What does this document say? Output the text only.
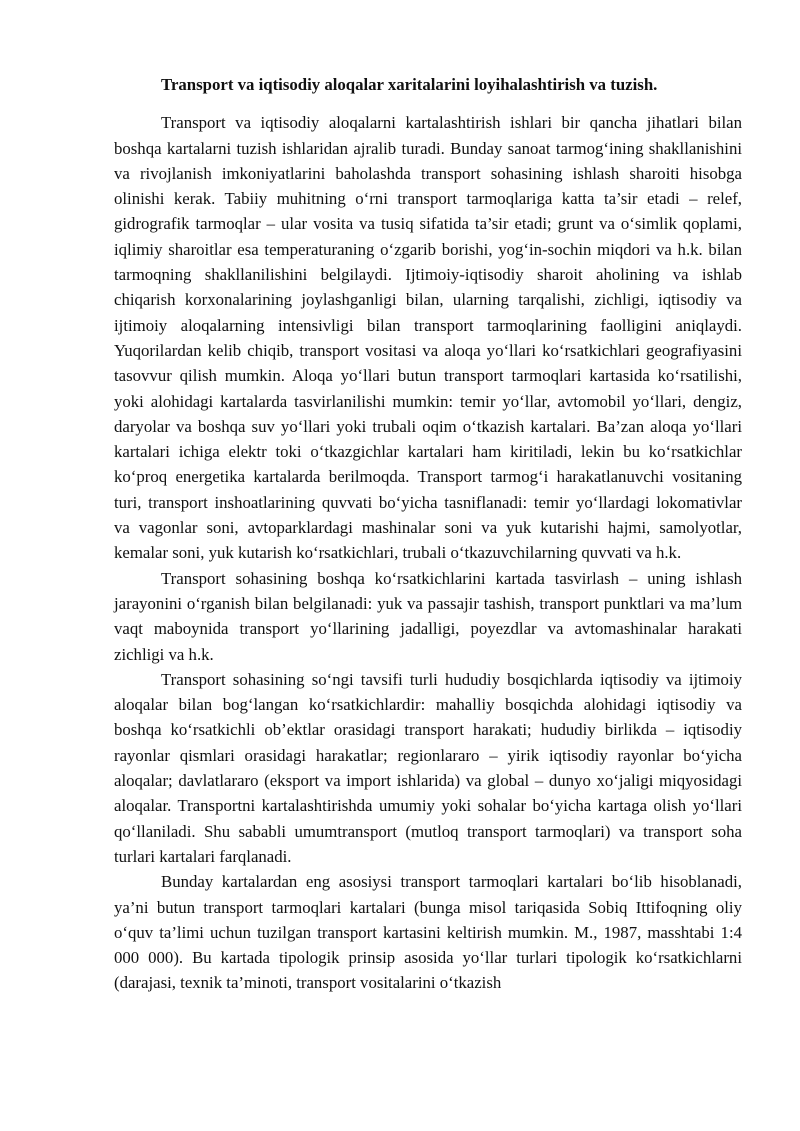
Transport va iqtisodiy aloqalar xaritalarini loyihalashtirish va tuzish.

Transport va iqtisodiy aloqalarni kartalashtirish ishlari bir qancha jihatlari bilan boshqa kartalarni tuzish ishlaridan ajralib turadi. Bunday sanoat tarmog‘ining shakllanishini va rivojlanish imkoniyatlarini baholashda transport sohasining ishlash sharoiti hisobga olinishi kerak. Tabiiy muhitning o‘rni transport tarmoqlariga katta ta’sir etadi – relef, gidrografik tarmoqlar – ular vosita va tusiq sifatida ta’sir etadi; grunt va o‘simlik qoplami, iqlimiy sharoitlar esa temperaturaning o‘zgarib borishi, yog‘in-sochin miqdori va h.k. bilan tarmoqning shakllanilishini belgilaydi. Ijtimoiy-iqtisodiy sharoit aholining va ishlab chiqarish korxonalarining joylashganligi bilan, ularning tarqalishi, zichligi, iqtisodiy va ijtimoiy aloqalarning intensivligi bilan transport tarmoqlarining faolligini aniqlaydi. Yuqorilardan kelib chiqib, transport vositasi va aloqa yo‘llari ko‘rsatkichlari geografiyasini tasovvur qilish mumkin. Aloqa yo‘llari butun transport tarmoqlari kartasida ko‘rsatilishi, yoki alohidagi kartalarda tasvirlanilishi mumkin: temir yo‘llar, avtomobil yo‘llari, dengiz, daryolar va boshqa suv yo‘llari yoki trubali oqim o‘tkazish kartalari. Ba’zan aloqa yo‘llari kartalari ichiga elektr toki o‘tkazgichlar kartalari ham kiritiladi, lekin bu ko‘rsatkichlar ko‘proq energetika kartalarda berilmoqda. Transport tarmog‘i harakatlanuvchi vositaning turi, transport inshoatlarining quvvati bo‘yicha tasniflanadi: temir yo‘llardagi lokomativlar va vagonlar soni, avtoparklardagi mashinalar soni va yuk kutarishi hajmi, samolyotlar, kemalar soni, yuk kutarish ko‘rsatkichlari, trubali o‘tkazuvchilarning quvvati va h.k.

Transport sohasining boshqa ko‘rsatkichlarini kartada tasvirlash – uning ishlash jarayonini o‘rganish bilan belgilanadi: yuk va passajir tashish, transport punktlari va ma’lum vaqt maboynida transport yo‘llarining jadalligi, poyezdlar va avtomashinalar harakati zichligi va h.k.

Transport sohasining so‘ngi tavsifi turli hududiy bosqichlarda iqtisodiy va ijtimoiy aloqalar bilan bog‘langan ko‘rsatkichlardir: mahalliy bosqichda alohidagi iqtisodiy va boshqa ko‘rsatkichli ob’ektlar orasidagi transport harakati; hududiy birlikda – iqtisodiy rayonlar qismlari orasidagi harakatlar; regionlararo – yirik iqtisodiy rayonlar bo‘yicha aloqalar; davlatlararo (eksport va import ishlarida) va global – dunyo xo‘jaligi miqyosidagi aloqalar. Transportni kartalashtirishda umumiy yoki sohalar bo‘yicha kartaga olish yo‘llari qo‘llaniladi. Shu sababli umumtransport (mutloq transport tarmoqlari) va transport soha turlari kartalari farqlanadi.

Bunday kartalardan eng asosiysi transport tarmoqlari kartalari bo‘lib hisoblanadi, ya’ni butun transport tarmoqlari kartalari (bunga misol tariqasida Sobiq Ittifoqning oliy o‘quv ta’limi uchun tuzilgan transport kartasini keltirish mumkin. M., 1987, masshtabi 1:4 000 000). Bu kartada tipologik prinsip asosida yo‘llar turlari tipologik ko‘rsatkichlarni (darajasi, texnik ta’minoti, transport vositalarini o‘tkazish
